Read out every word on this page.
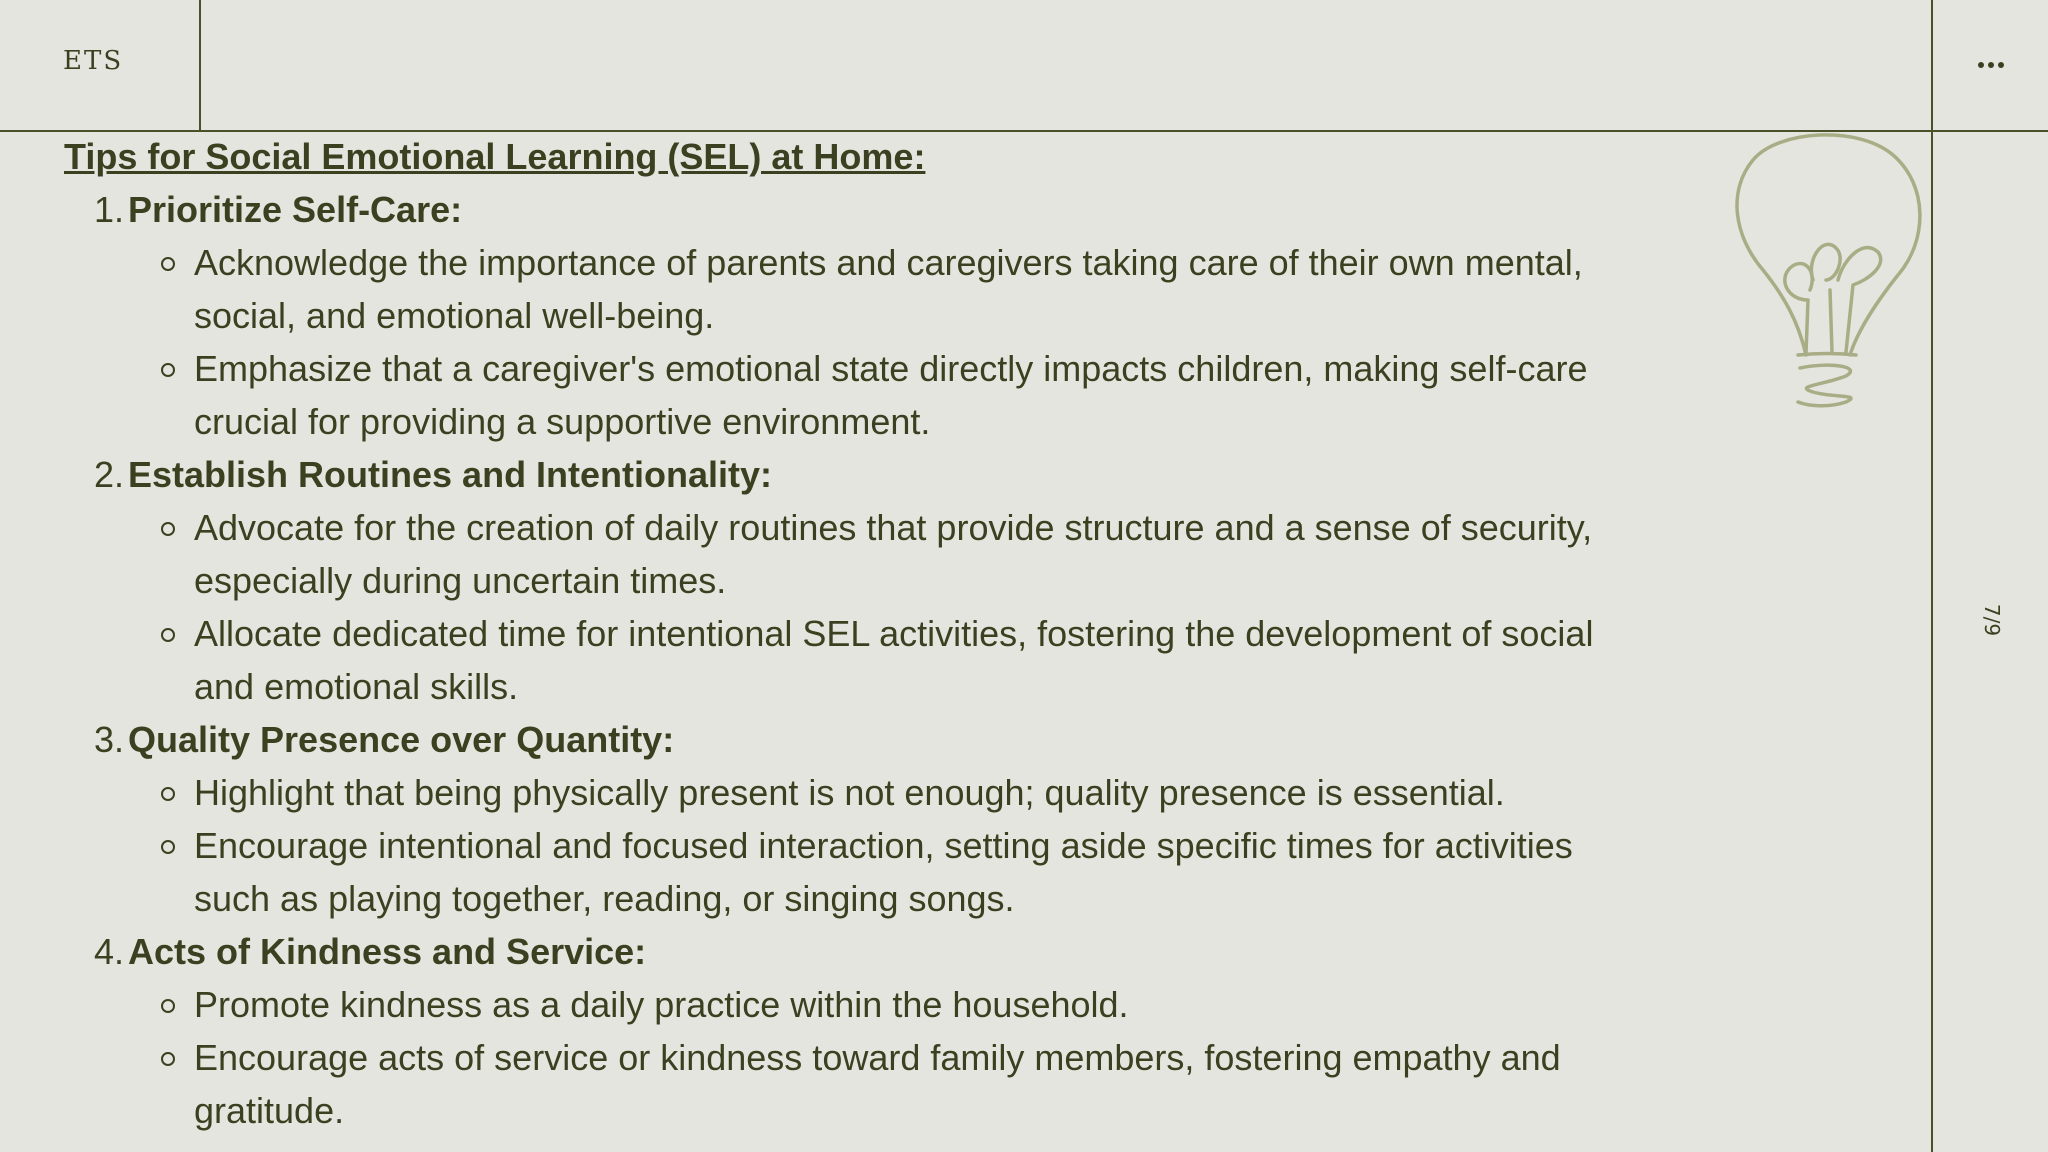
ETS
7/9
Tips for Social Emotional Learning (SEL) at Home:
1. Prioritize Self-Care:
Acknowledge the importance of parents and caregivers taking care of their own mental, social, and emotional well-being.
Emphasize that a caregiver's emotional state directly impacts children, making self-care crucial for providing a supportive environment.
2. Establish Routines and Intentionality:
Advocate for the creation of daily routines that provide structure and a sense of security, especially during uncertain times.
Allocate dedicated time for intentional SEL activities, fostering the development of social and emotional skills.
3. Quality Presence over Quantity:
Highlight that being physically present is not enough; quality presence is essential.
Encourage intentional and focused interaction, setting aside specific times for activities such as playing together, reading, or singing songs.
4. Acts of Kindness and Service:
Promote kindness as a daily practice within the household.
Encourage acts of service or kindness toward family members, fostering empathy and gratitude.
